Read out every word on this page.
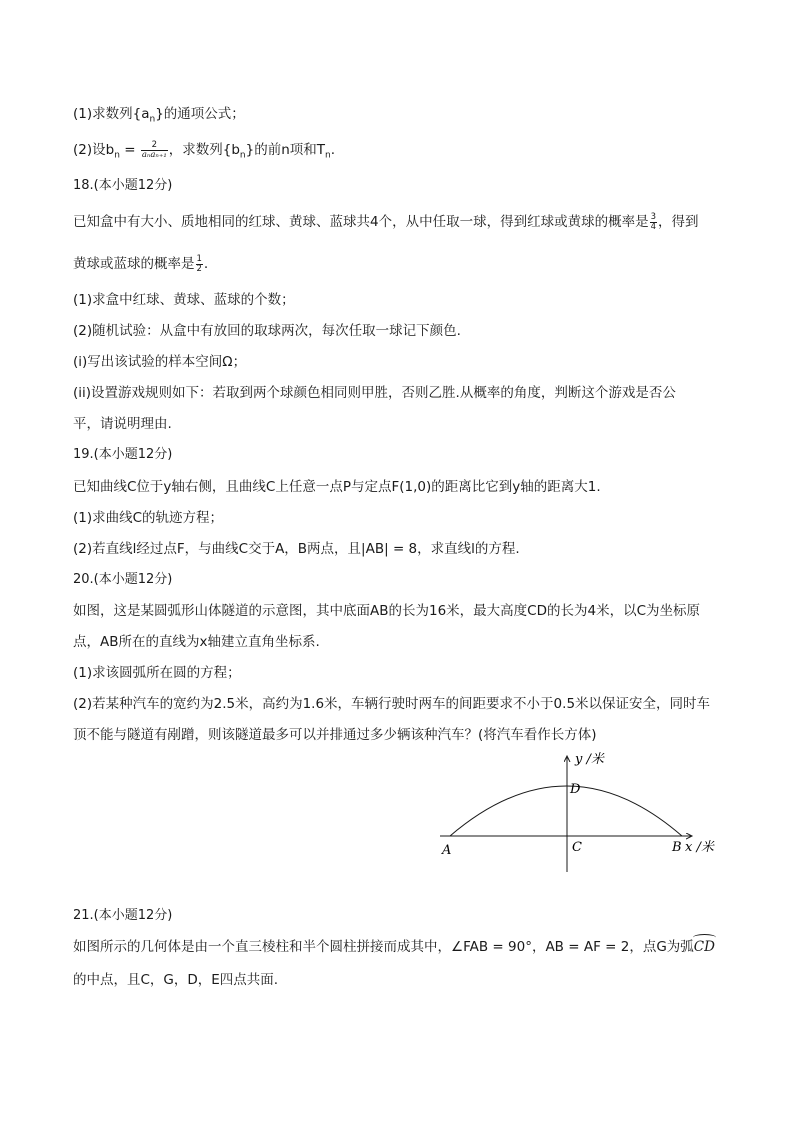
(1)求数列$\{a_n\}$的通项公式；
(2)设$b_n = \frac{2}{\text{aₙaₙ₊₁}}$ ，求数列$\{b_n\}$的前n项和$T_n$.
18.(本小题12分)
已知盒中有大小、质地相同的红球、黄球、蓝球共4个，从中任取一球，得到红球或黄球的概率是 $\frac{3}{4}$ ，得到
黄球或蓝球的概率是 $\frac{1}{2}$ .
(1)求盒中红球、黄球、蓝球的个数；
(2)随机试验：从盒中有放回的取球两次，每次任取一球记下颜色.
(i)写出该试验的样本空间Ω；
(ii)设置游戏规则如下：若取到两个球颜色相同则甲胜，否则乙胜.从概率的角度，判断这个游戏是否公
平，请说明理由.
19.(本小题12分)
已知曲线C位于y轴右侧，且曲线C上任意一点P与定点F(1,0)的距离比它到y轴的距离大1.
(1)求曲线C的轨迹方程；
(2)若直线l经过点F，与曲线C交于A，B两点，且|AB| = 8，求直线l的方程.
20.(本小题12分)
如图，这是某圆弧形山体隧道的示意图，其中底面AB的长为16米，最大高度CD的长为4米，以C为坐标原
点，AB所在的直线为x轴建立直角坐标系.
(1)求该圆弧所在圆的方程；
(2)若某种汽车的宽约为2.5米，高约为1.6米，车辆行驶时两车的间距要求不小于0.5米以保证安全，同时车
顶不能与隧道有剐蹭，则该隧道最多可以并排通过多少辆该种汽车？(将汽车看作长方体)
y /米
D
A	C	B x /米
21.(本小题12分)
如图所示的几何体是由一个直三棱柱和半个圆柱拼接而成其中，∠FAB = 90°，AB = AF = 2，点G为弧CD
的中点，且C，G，D，E四点共面.
